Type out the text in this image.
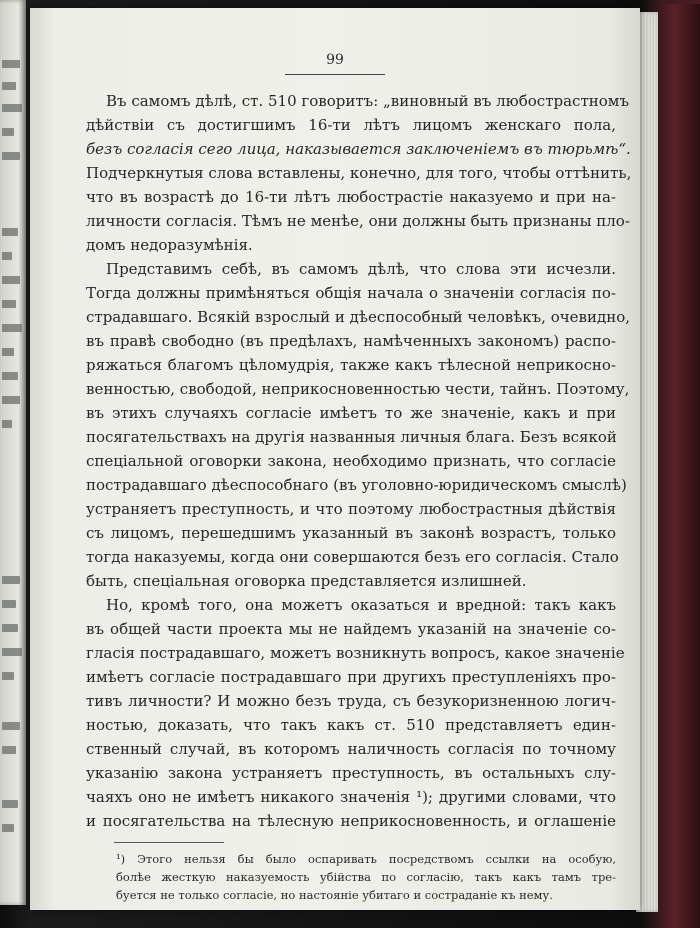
99
Въ самомъ дѣлѣ, ст. 510 говоритъ: „виновный въ любострастномъ
дѣйствіи съ достигшимъ 16-ти лѣтъ лицомъ женскаго пола,
безъ согласія сего лица, наказывается заключеніемъ въ тюрьмѣ“.
Подчеркнутыя слова вставлены, конечно, для того, чтобы оттѣнить,
что въ возрастѣ до 16-ти лѣтъ любострастіе наказуемо и при на-
личности согласія. Тѣмъ не менѣе, они должны быть признаны пло-
домъ недоразумѣнія.
Представимъ себѣ, въ самомъ дѣлѣ, что слова эти исчезли.
Тогда должны примѣняться общія начала о значеніи согласія по-
страдавшаго. Всякій взрослый и дѣеспособный человѣкъ, очевидно,
въ правѣ свободно (въ предѣлахъ, намѣченныхъ закономъ) распо-
ряжаться благомъ цѣломудрія, также какъ тѣлесной неприкосно-
венностью, свободой, неприкосновенностью чести, тайнъ. Поэтому,
въ этихъ случаяхъ согласіе имѣетъ то же значеніе, какъ и при
посягательствахъ на другія названныя личныя блага. Безъ всякой
спеціальной оговорки закона, необходимо признать, что согласіе
пострадавшаго дѣеспособнаго (въ уголовно-юридическомъ смыслѣ)
устраняетъ преступность, и что поэтому любострастныя дѣйствія
съ лицомъ, перешедшимъ указанный въ законѣ возрастъ, только
тогда наказуемы, когда они совершаются безъ его согласія. Стало
быть, спеціальная оговорка представляется излишней.
Но, кромѣ того, она можетъ оказаться и вредной: такъ какъ
въ общей части проекта мы не найдемъ указаній на значеніе со-
гласія пострадавшаго, можетъ возникнуть вопросъ, какое значеніе
имѣетъ согласіе пострадавшаго при другихъ преступленіяхъ про-
тивъ личности? И можно безъ труда, съ безукоризненною логич-
ностью, доказать, что такъ какъ ст. 510 представляетъ един-
ственный случай, въ которомъ наличность согласія по точному
указанію закона устраняетъ преступность, въ остальныхъ слу-
чаяхъ оно не имѣетъ никакого значенія ¹); другими словами, что
и посягательства на тѣлесную неприкосновенность, и оглашеніе
¹) Этого нельзя бы было оспаривать посредствомъ ссылки на особую,
болѣе жесткую наказуемость убійства по согласію, такъ какъ тамъ тре-
буется не только согласіе, но настояніе убитаго и состраданіе къ нему.
